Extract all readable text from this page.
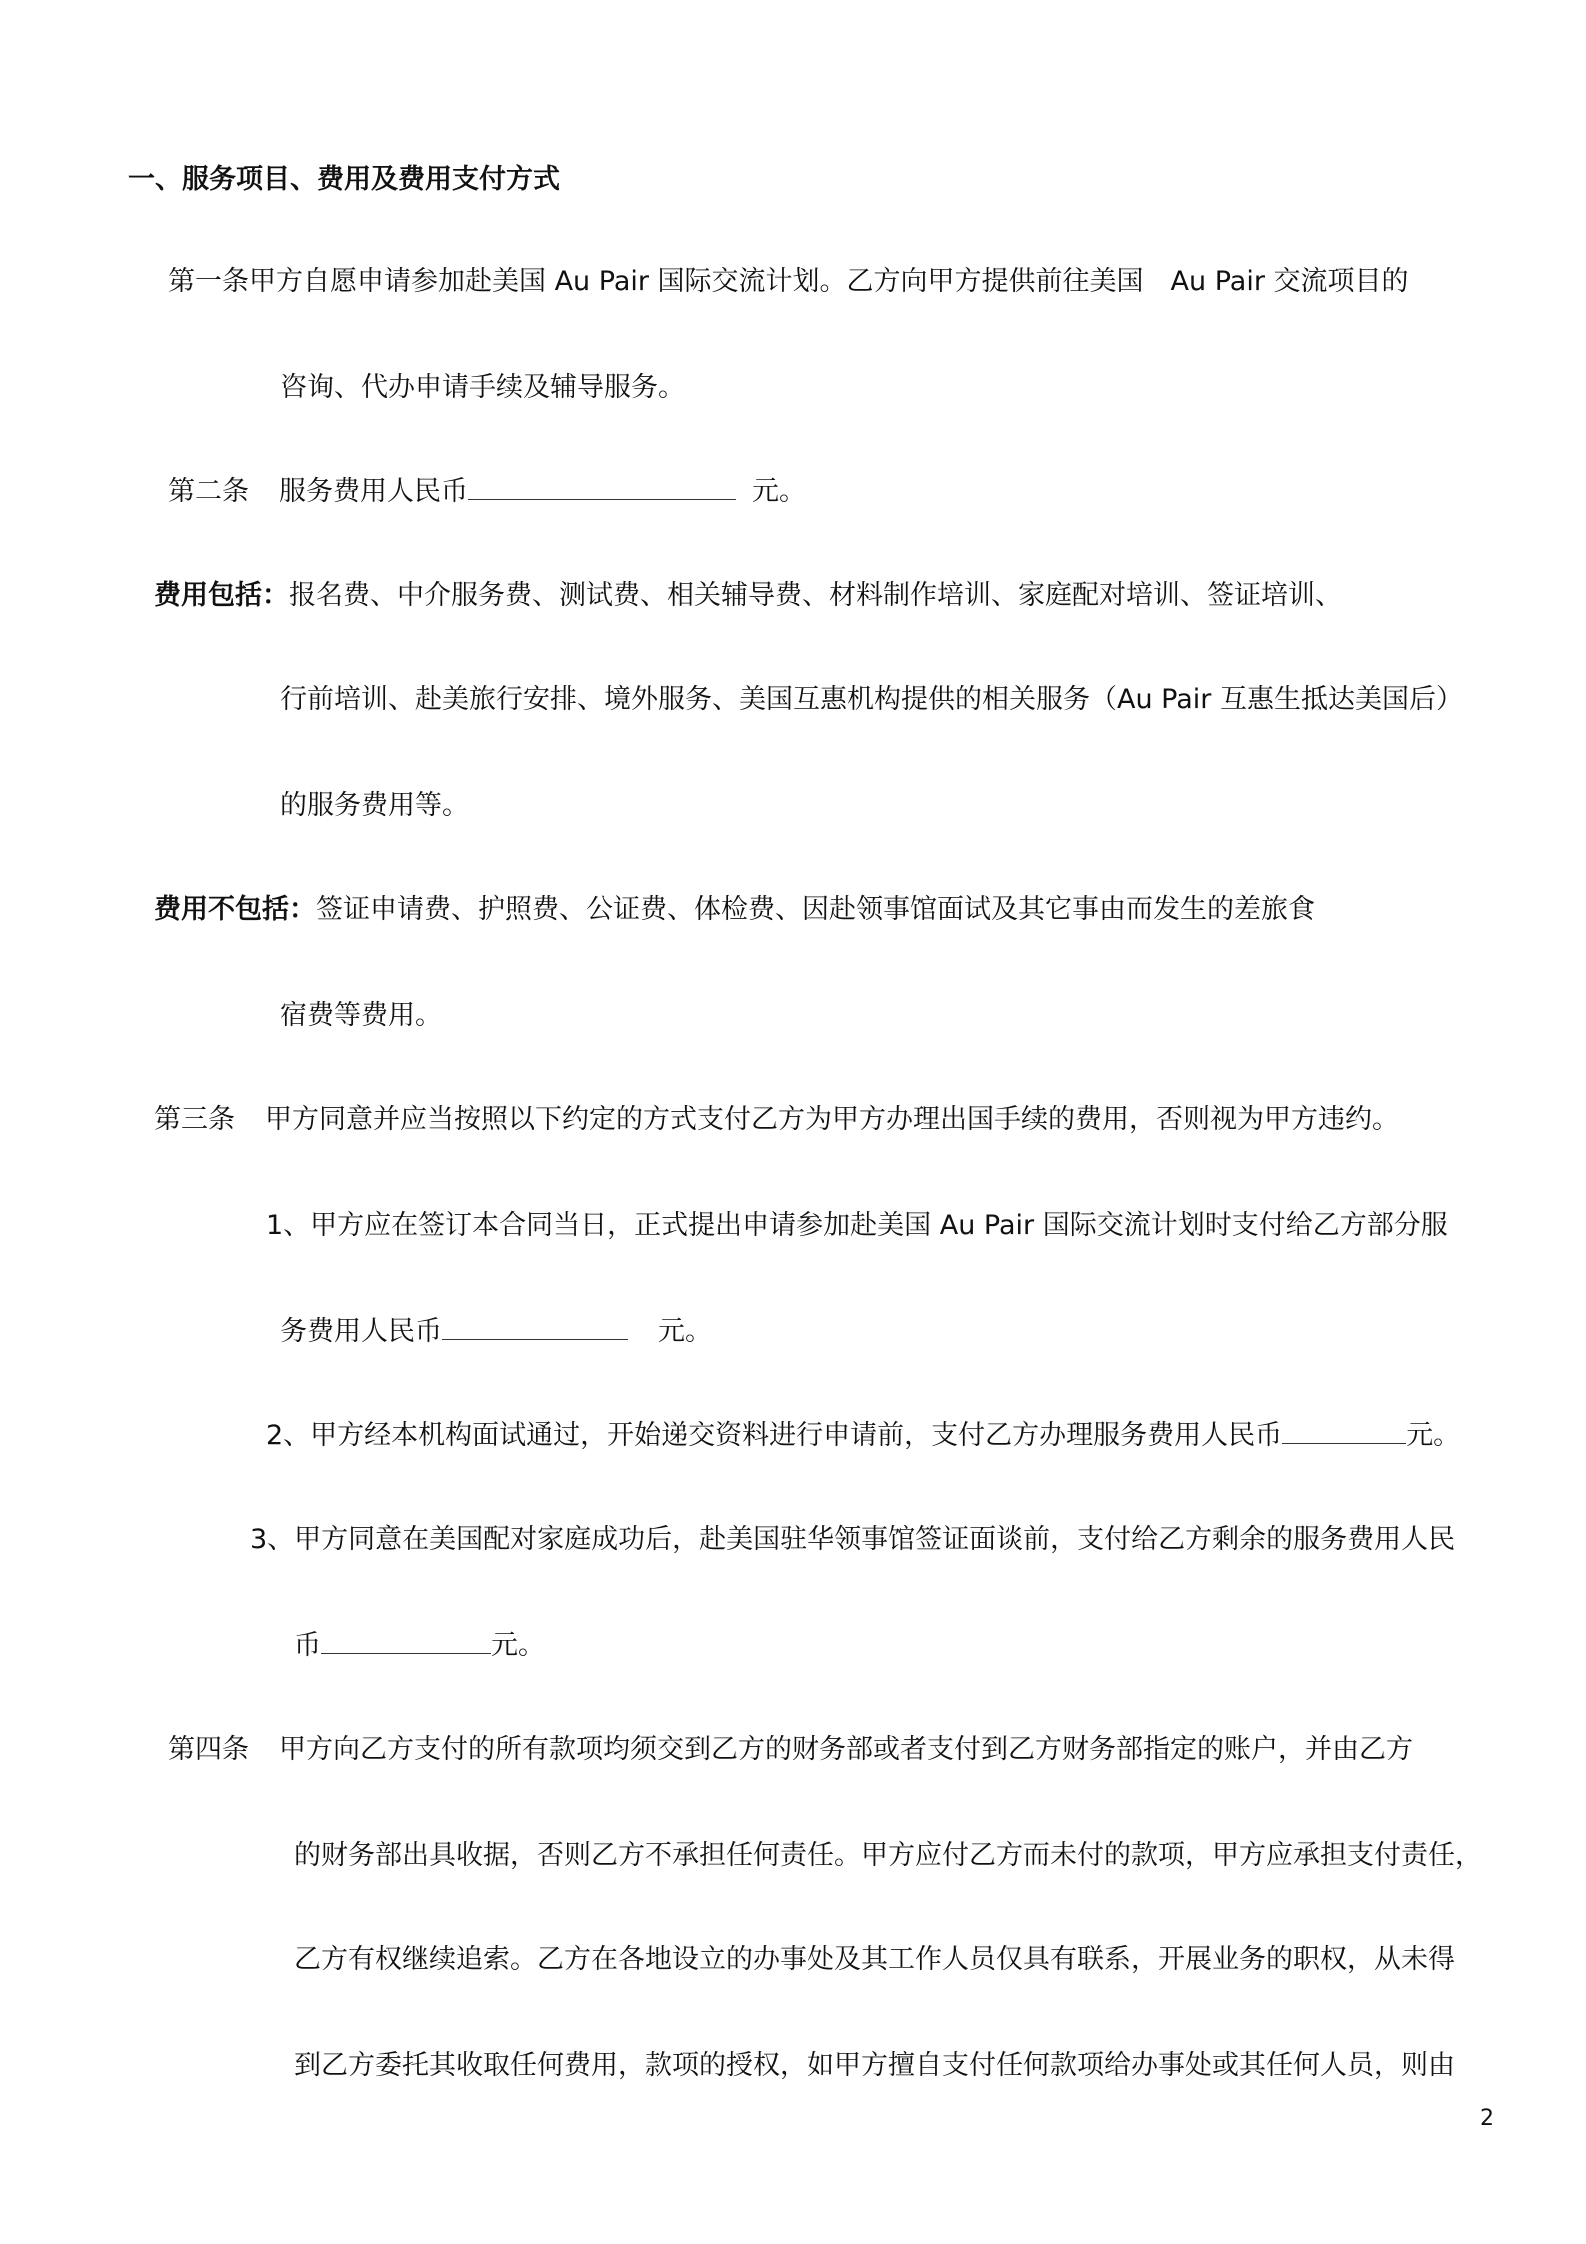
一、服务项目、费用及费用支付方式
第一条甲方自愿申请参加赴美国 Au Pair 国际交流计划。乙方向甲方提供前往美国　Au Pair 交流项目的
咨询、代办申请手续及辅导服务。
第二条 服务费用人民币	元。
费用包括：报名费、中介服务费、测试费、相关辅导费、材料制作培训、家庭配对培训、签证培训、
行前培训、赴美旅行安排、境外服务、美国互惠机构提供的相关服务（Au Pair 互惠生抵达美国后）
的服务费用等。
费用不包括：签证申请费、护照费、公证费、体检费、因赴领事馆面试及其它事由而发生的差旅食
宿费等费用。
第三条 甲方同意并应当按照以下约定的方式支付乙方为甲方办理出国手续的费用，否则视为甲方违约。
1、甲方应在签订本合同当日，正式提出申请参加赴美国 Au Pair 国际交流计划时支付给乙方部分服
务费用人民币	元。
2、甲方经本机构面试通过，开始递交资料进行申请前，支付乙方办理服务费用人民币	元。
3、甲方同意在美国配对家庭成功后，赴美国驻华领事馆签证面谈前，支付给乙方剩余的服务费用人民
币	元。
第四条 甲方向乙方支付的所有款项均须交到乙方的财务部或者支付到乙方财务部指定的账户，并由乙方
的财务部出具收据，否则乙方不承担任何责任。甲方应付乙方而未付的款项，甲方应承担支付责任，
乙方有权继续追索。乙方在各地设立的办事处及其工作人员仅具有联系，开展业务的职权，从未得
到乙方委托其收取任何费用，款项的授权，如甲方擅自支付任何款项给办事处或其任何人员，则由
2
